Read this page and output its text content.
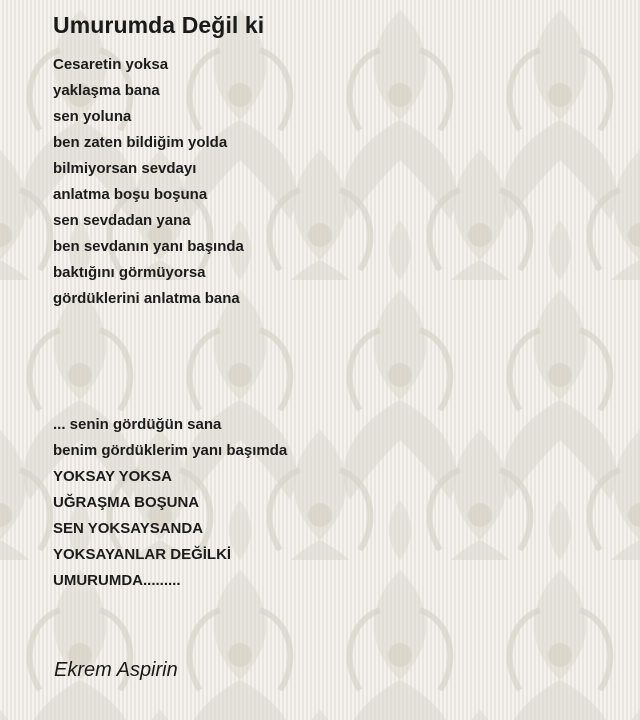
Umurumda Değil ki
Cesaretin yoksa
yaklaşma bana
sen yoluna
ben zaten bildiğim yolda
bilmiyorsan sevdayı
anlatma boşu boşuna
sen sevdadan yana
ben sevdanın yanı başında
baktığını görmüyorsa
gördüklerini anlatma bana
... senin gördüğün sana
benim gördüklerim yanı başımda
YOKSAY YOKSA
UĞRAŞMA BOŞUNA
SEN YOKSAYSANDA
YOKSAYANLAR DEĞİLKİ
UMURUMDA.........

Ekrem Aspirin
